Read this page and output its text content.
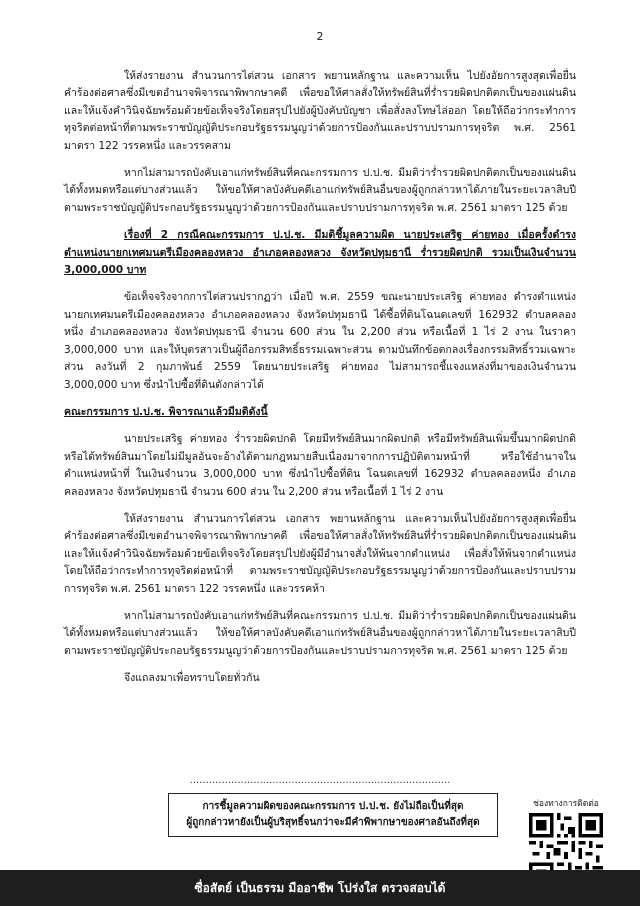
2

ให้ส่งรายงาน สำนวนการไต่สวน เอกสาร พยานหลักฐาน และความเห็น ไปยังอัยการสูงสุดเพื่อยื่นคำร้องต่อศาลซึ่งมีเขตอำนาจพิจารณาพิพากษาคดี เพื่อขอให้ศาลสั่งให้ทรัพย์สินที่ร่ำรวยผิดปกติตกเป็นของแผ่นดิน และให้แจ้งคำวินิจฉัยพร้อมด้วยข้อเท็จจริงโดยสรุปไปยังผู้บังคับบัญชา เพื่อสั่งลงโทษไล่ออก โดยให้ถือว่ากระทำการทุจริตต่อหน้าที่ตามพระราชบัญญัติประกอบรัฐธรรมนูญว่าด้วยการป้องกันและปราบปรามการทุจริต พ.ศ. 2561 มาตรา 122 วรรคหนึ่ง และวรรคสาม

หากไม่สามารถบังคับเอาแก่ทรัพย์สินที่คณะกรรมการ ป.ป.ช. มีมติว่าร่ำรวยผิดปกติตกเป็นของแผ่นดินได้ทั้งหมดหรือแต่บางส่วนแล้ว ให้ขอให้ศาลบังคับคดีเอาแก่ทรัพย์สินอื่นของผู้ถูกกล่าวหาได้ภายในระยะเวลาสิบปี ตามพระราชบัญญัติประกอบรัฐธรรมนูญว่าด้วยการป้องกันและปราบปรามการทุจริต พ.ศ. 2561 มาตรา 125 ด้วย

เรื่องที่ 2 กรณีคณะกรรมการ ป.ป.ช. มีมติชี้มูลความผิด นายประเสริฐ ค่ายทอง เมื่อครั้งดำรงตำแหน่งนายกเทศมนตรีเมืองคลองหลวง อำเภอคลองหลวง จังหวัดปทุมธานี ร่ำรวยผิดปกติ รวมเป็นเงินจำนวน 3,000,000 บาท

ข้อเท็จจริงจากการไต่สวนปรากฏว่า เมื่อปี พ.ศ. 2559 ขณะนายประเสริฐ ค่ายทอง ดำรงตำแหน่งนายกเทศมนตรีเมืองคลองหลวง อำเภอคลองหลวง จังหวัดปทุมธานี ได้ซื้อที่ดินโฉนดเลขที่ 162932 ตำบลคลองหนึ่ง อำเภอคลองหลวง จังหวัดปทุมธานี จำนวน 600 ส่วน ใน 2,200 ส่วน หรือเนื้อที่ 1 ไร่ 2 งาน ในราคา 3,000,000 บาท และให้บุตรสาวเป็นผู้ถือกรรมสิทธิ์ธรรมเฉพาะส่วน ตามบันทึกข้อตกลงเรื่องกรรมสิทธิ์รวมเฉพาะส่วน ลงวันที่ 2 กุมภาพันธ์ 2559 โดยนายประเสริฐ ค่ายทอง ไม่สามารถชี้แจงแหล่งที่มาของเงินจำนวน 3,000,000 บาท ซึ่งนำไปซื้อที่ดินดังกล่าวได้

คณะกรรมการ ป.ป.ช. พิจารณาแล้วมีมติดังนี้

นายประเสริฐ ค่ายทอง ร่ำรวยผิดปกติ โดยมีทรัพย์สินมากผิดปกติ หรือมีทรัพย์สินเพิ่มขึ้นมากผิดปกติ หรือได้ทรัพย์สินมาโดยไม่มีมูลอันจะอ้างได้ตามกฎหมายสืบเนื่องมาจากการปฏิบัติตามหน้าที่ หรือใช้อำนาจในตำแหน่งหน้าที่ ในเงินจำนวน 3,000,000 บาท ซึ่งนำไปซื้อที่ดิน โฉนดเลขที่ 162932 ตำบลคลองหนึ่ง อำเภอคลองหลวง จังหวัดปทุมธานี จำนวน 600 ส่วน ใน 2,200 ส่วน หรือเนื้อที่ 1 ไร่ 2 งาน

ให้ส่งรายงาน สำนวนการไต่สวน เอกสาร พยานหลักฐาน และความเห็นไปยังอัยการสูงสุดเพื่อยื่นคำร้องต่อศาลซึ่งมีเขตอำนาจพิจารณาพิพากษาคดี เพื่อขอให้ศาลสั่งให้ทรัพย์สินที่ร่ำรวยผิดปกติตกเป็นของแผ่นดิน และให้แจ้งคำวินิจฉัยพร้อมด้วยข้อเท็จจริงโดยสรุปไปยังผู้มีอำนาจสั่งให้พ้นจากตำแหน่ง เพื่อสั่งให้พ้นจากตำแหน่งโดยให้ถือว่ากระทำการทุจริตต่อหน้าที่ ตามพระราชบัญญัติประกอบรัฐธรรมนูญว่าด้วยการป้องกันและปราบปรามการทุจริต พ.ศ. 2561 มาตรา 122 วรรคหนึ่ง และวรรคห้า

หากไม่สามารถบังคับเอาแก่ทรัพย์สินที่คณะกรรมการ ป.ป.ช. มีมติว่าร่ำรวยผิดปกติตกเป็นของแผ่นดินได้ทั้งหมดหรือแต่บางส่วนแล้ว ให้ขอให้ศาลบังคับคดีเอาแก่ทรัพย์สินอื่นของผู้ถูกกล่าวหาได้ภายในระยะเวลาสิบปี ตามพระราชบัญญัติประกอบรัฐธรรมนูญว่าด้วยการป้องกันและปราบปรามการทุจริต พ.ศ. 2561 มาตรา 125 ด้วย

จึงแถลงมาเพื่อทราบโดยทั่วกัน

..................................................................................
การชี้มูลความผิดของคณะกรรมการ ป.ป.ช. ยังไม่ถือเป็นที่สุด
ผู้ถูกกล่าวหายังเป็นผู้บริสุทธิ์จนกว่าจะมีคำพิพากษาของศาลอันถึงที่สุด
ช่องทางการติดต่อ
ซื่อสัตย์ เป็นธรรม มืออาชีพ โปร่งใส ตรวจสอบได้
